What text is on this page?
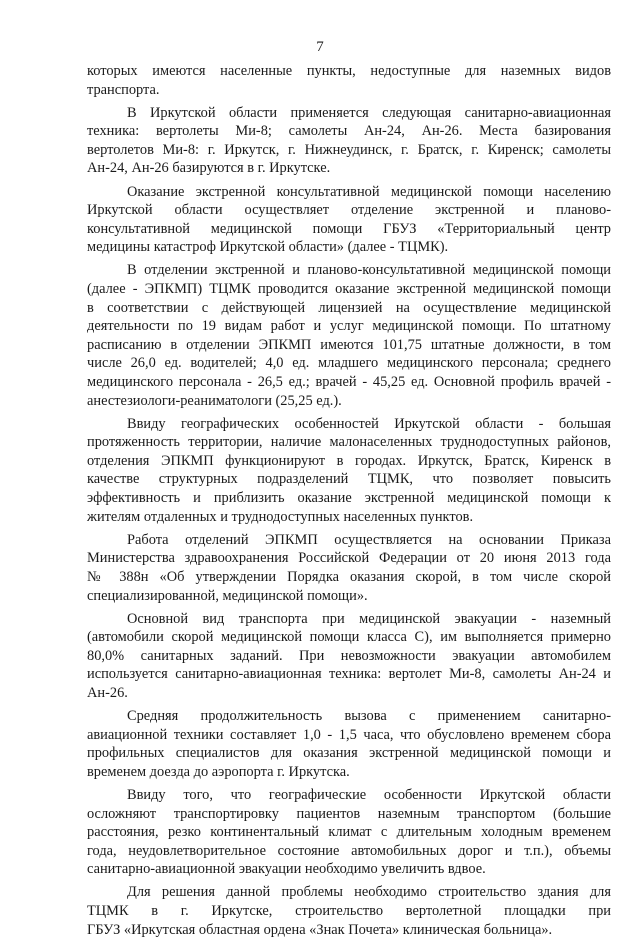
7
которых имеются населенные пункты, недоступные для наземных видов
транспорта.
В Иркутской области применяется следующая санитарно-авиационная
техника: вертолеты Ми-8; самолеты Ан-24, Ан-26. Места базирования
вертолетов Ми-8: г. Иркутск, г. Нижнеудинск, г. Братск, г. Киренск; самолеты
Ан-24, Ан-26 базируются в г. Иркутске.
Оказание экстренной консультативной медицинской помощи населению
Иркутской области осуществляет отделение экстренной и планово-
консультативной медицинской помощи ГБУЗ «Территориальный центр
медицины катастроф Иркутской области» (далее - ТЦМК).
В отделении экстренной и планово-консультативной медицинской помощи
(далее - ЭПКМП) ТЦМК проводится оказание экстренной медицинской помощи
в соответствии с действующей лицензией на осуществление медицинской
деятельности по 19 видам работ и услуг медицинской помощи. По штатному
расписанию в отделении ЭПКМП имеются 101,75 штатные должности, в том
числе 26,0 ед. водителей; 4,0 ед. младшего медицинского персонала; среднего
медицинского персонала - 26,5 ед.; врачей - 45,25 ед. Основной профиль врачей -
анестезиологи-реаниматологи (25,25 ед.).
Ввиду географических особенностей Иркутской области - большая
протяженность территории, наличие малонаселенных труднодоступных районов,
отделения ЭПКМП функционируют в городах. Иркутск, Братск, Киренск в
качестве структурных подразделений ТЦМК, что позволяет повысить
эффективность и приблизить оказание экстренной медицинской помощи к
жителям отдаленных и труднодоступных населенных пунктов.
Работа отделений ЭПКМП осуществляется на основании Приказа
Министерства здравоохранения Российской Федерации от 20 июня 2013 года
№ 388н «Об утверждении Порядка оказания скорой, в том числе скорой
специализированной, медицинской помощи».
Основной вид транспорта при медицинской эвакуации - наземный
(автомобили скорой медицинской помощи класса С), им выполняется примерно
80,0% санитарных заданий. При невозможности эвакуации автомобилем
используется санитарно-авиационная техника: вертолет Ми-8, самолеты Ан-24 и
Ан-26.
Средняя продолжительность вызова с применением санитарно-
авиационной техники составляет 1,0 - 1,5 часа, что обусловлено временем сбора
профильных специалистов для оказания экстренной медицинской помощи и
временем доезда до аэропорта г. Иркутска.
Ввиду того, что географические особенности Иркутской области
осложняют транспортировку пациентов наземным транспортом (большие
расстояния, резко континентальный климат с длительным холодным временем
года, неудовлетворительное состояние автомобильных дорог и т.п.), объемы
санитарно-авиационной эвакуации необходимо увеличить вдвое.
Для решения данной проблемы необходимо строительство здания для
ТЦМК в г. Иркутске, строительство вертолетной площадки при
ГБУЗ «Иркутская областная ордена «Знак Почета» клиническая больница».
